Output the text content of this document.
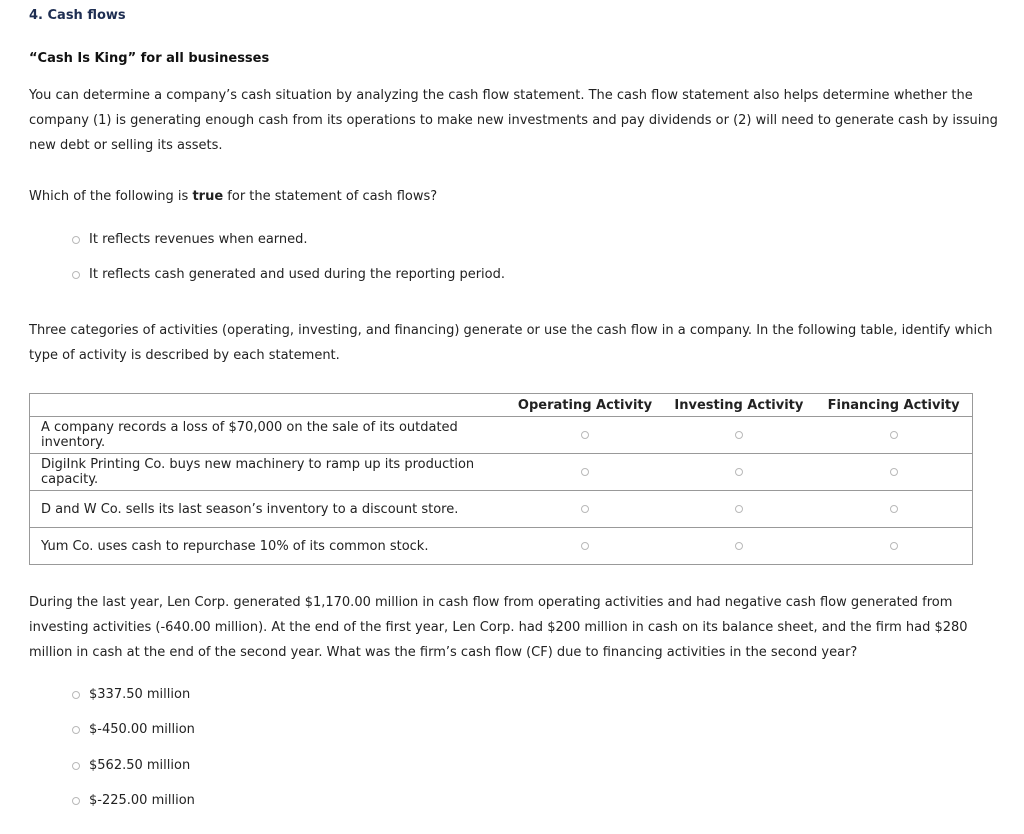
4. Cash flows
“Cash Is King” for all businesses
You can determine a company’s cash situation by analyzing the cash flow statement. The cash flow statement also helps determine whether the company (1) is generating enough cash from its operations to make new investments and pay dividends or (2) will need to generate cash by issuing new debt or selling its assets.
Which of the following is true for the statement of cash flows?
It reflects revenues when earned.
It reflects cash generated and used during the reporting period.
Three categories of activities (operating, investing, and financing) generate or use the cash flow in a company. In the following table, identify which type of activity is described by each statement.
	Operating Activity	Investing Activity	Financing Activity
A company records a loss of $70,000 on the sale of its outdated inventory.			
DigiInk Printing Co. buys new machinery to ramp up its production capacity.			
D and W Co. sells its last season’s inventory to a discount store.			
Yum Co. uses cash to repurchase 10% of its common stock.			
During the last year, Len Corp. generated $1,170.00 million in cash flow from operating activities and had negative cash flow generated from investing activities (-640.00 million). At the end of the first year, Len Corp. had $200 million in cash on its balance sheet, and the firm had $280 million in cash at the end of the second year. What was the firm’s cash flow (CF) due to financing activities in the second year?
$337.50 million
$-450.00 million
$562.50 million
$-225.00 million
